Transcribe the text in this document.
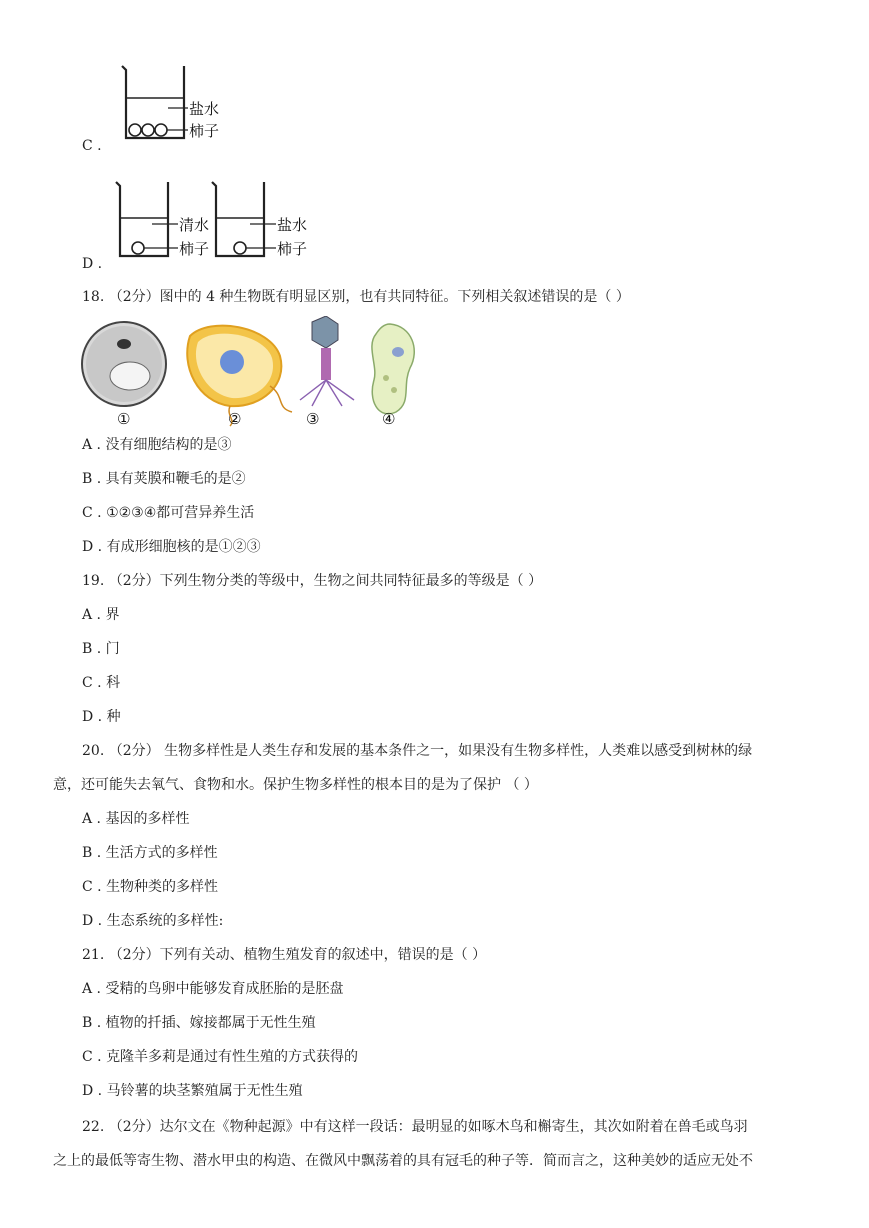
盐水
柿子
C .
清水
柿子
盐水
柿子
D .
18. （2分）图中的 4 种生物既有明显区别，也有共同特征。下列相关叙述错误的是（ ）
①	②	③	④
A . 没有细胞结构的是③
B . 具有荚膜和鞭毛的是②
C . ①②③④都可营异养生活
D . 有成形细胞核的是①②③
19. （2分）下列生物分类的等级中，生物之间共同特征最多的等级是（ ）
A . 界
B . 门
C . 科
D . 种
20. （2分） 生物多样性是人类生存和发展的基本条件之一，如果没有生物多样性，人类难以感受到树林的绿
意，还可能失去氧气、食物和水。保护生物多样性的根本目的是为了保护 （ ）
A . 基因的多样性
B . 生活方式的多样性
C . 生物种类的多样性
D . 生态系统的多样性:
21. （2分）下列有关动、植物生殖发育的叙述中，错误的是（ ）
A . 受精的鸟卵中能够发育成胚胎的是胚盘
B . 植物的扦插、嫁接都属于无性生殖
C . 克隆羊多莉是通过有性生殖的方式获得的
D . 马铃薯的块茎繁殖属于无性生殖
22. （2分）达尔文在《物种起源》中有这样一段话：最明显的如啄木鸟和槲寄生，其次如附着在兽毛或鸟羽
之上的最低等寄生物、潜水甲虫的构造、在微风中飘荡着的具有冠毛的种子等．简而言之，这种美妙的适应无处不
